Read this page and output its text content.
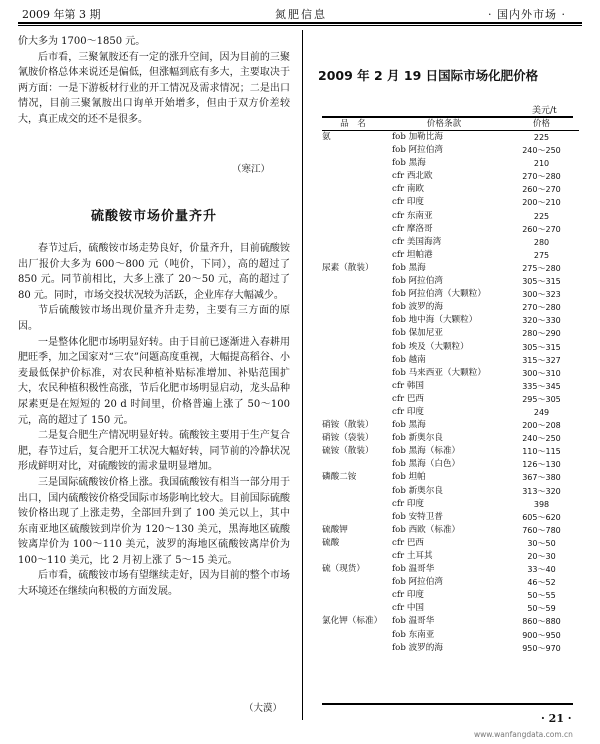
2009 年第 3 期	氮肥信息	· 国内外市场 ·

价大多为 1700～1850 元。

后市看，三聚氰胺还有一定的涨升空间，因为目前的三聚氰胺价格总体来说还是偏低，但涨幅到底有多大，主要取决于两方面：一是下游板材行业的开工情况及需求情况；二是出口情况，目前三聚氰胺出口询单开始增多，但由于双方价差较大，真正成交的还不是很多。

（寒江）
硫酸铵市场价量齐升

春节过后，硫酸铵市场走势良好，价量齐升，目前硫酸铵出厂报价大多为 600～800 元（吨价，下同），高的超过了 850 元。同节前相比，大多上涨了 20～50 元，高的超过了 80 元。同时，市场交投状况较为活跃，企业库存大幅减少。

节后硫酸铵市场出现价量齐升走势，主要有三方面的原因。

一是整体化肥市场明显好转。由于目前已逐渐进入春耕用肥旺季，加之国家对“三农”问题高度重视，大幅提高稻谷、小麦最低保护价标准，对农民种植补贴标准增加、补贴范围扩大，农民种植积极性高涨，节后化肥市场明显启动，龙头品种尿素更是在短短的 20 d 时间里，价格普遍上涨了 50～100 元，高的超过了 150 元。

二是复合肥生产情况明显好转。硫酸铵主要用于生产复合肥，春节过后，复合肥开工状况大幅好转，同节前的冷静状况形成鲜明对比，对硫酸铵的需求量明显增加。

三是国际硫酸铵价格上涨。我国硫酸铵有相当一部分用于出口，国内硫酸铵价格受国际市场影响比较大。目前国际硫酸铵价格出现了上涨走势，全部回升到了 100 美元以上，其中东南亚地区硫酸铵到岸价为 120～130 美元，黑海地区硫酸铵离岸价为 100～110 美元，波罗的海地区硫酸铵离岸价为 100～110 美元，比 2 月初上涨了 5～15 美元。

后市看，硫酸铵市场有望继续走好，因为目前的整个市场大环境还在继续向积极的方面发展。

（大漠）
2009 年 2 月 19 日国际市场化肥价格
美元/t
品　名	价格条款	价格
氨	fob 加勒比海	225
	fob 阿拉伯湾	240～250
	fob 黑海	210
	cfr 西北欧	270～280
	cfr 南欧	260～270
	cfr 印度	200～210
	cfr 东南亚	225
	cfr 摩洛哥	260～270
	cfr 美国海湾	280
	cfr 坦帕港	275
尿素（散装）	fob 黑海	275～280
	fob 阿拉伯湾	305～315
	fob 阿拉伯湾（大颗粒）	300～323
	fob 波罗的海	270～280
	fob 地中海（大颗粒）	320～330
	fob 保加尼亚	280～290
	fob 埃及（大颗粒）	305～315
	fob 越南	315～327
	fob 马来西亚（大颗粒）	300～310
	cfr 韩国	335～345
	cfr 巴西	295～305
	cfr 印度	249
硝铵（散装）	fob 黑海	200～208
硝铵（袋装）	fob 新奥尔良	240～250
硫铵（散装）	fob 黑海（标准）	110～115
	fob 黑海（白色）	126～130
磷酸二铵	fob 坦帕	367～380
	fob 新奥尔良	313～320
	cfr 印度	398
	fob 安特卫普	605～620
硫酸钾	fob 西欧（标准）	760～780
硫酸	cfr 巴西	30～50
	cfr 土耳其	20～30
硫（现货）	fob 温哥华	33～40
	fob 阿拉伯湾	46～52
	cfr 印度	50～55
	cfr 中国	50～59
氯化钾（标准）	fob 温哥华	860～880
	fob 东南亚	900～950
	fob 波罗的海	950～970
· 21 ·
www.wanfangdata.com.cn
